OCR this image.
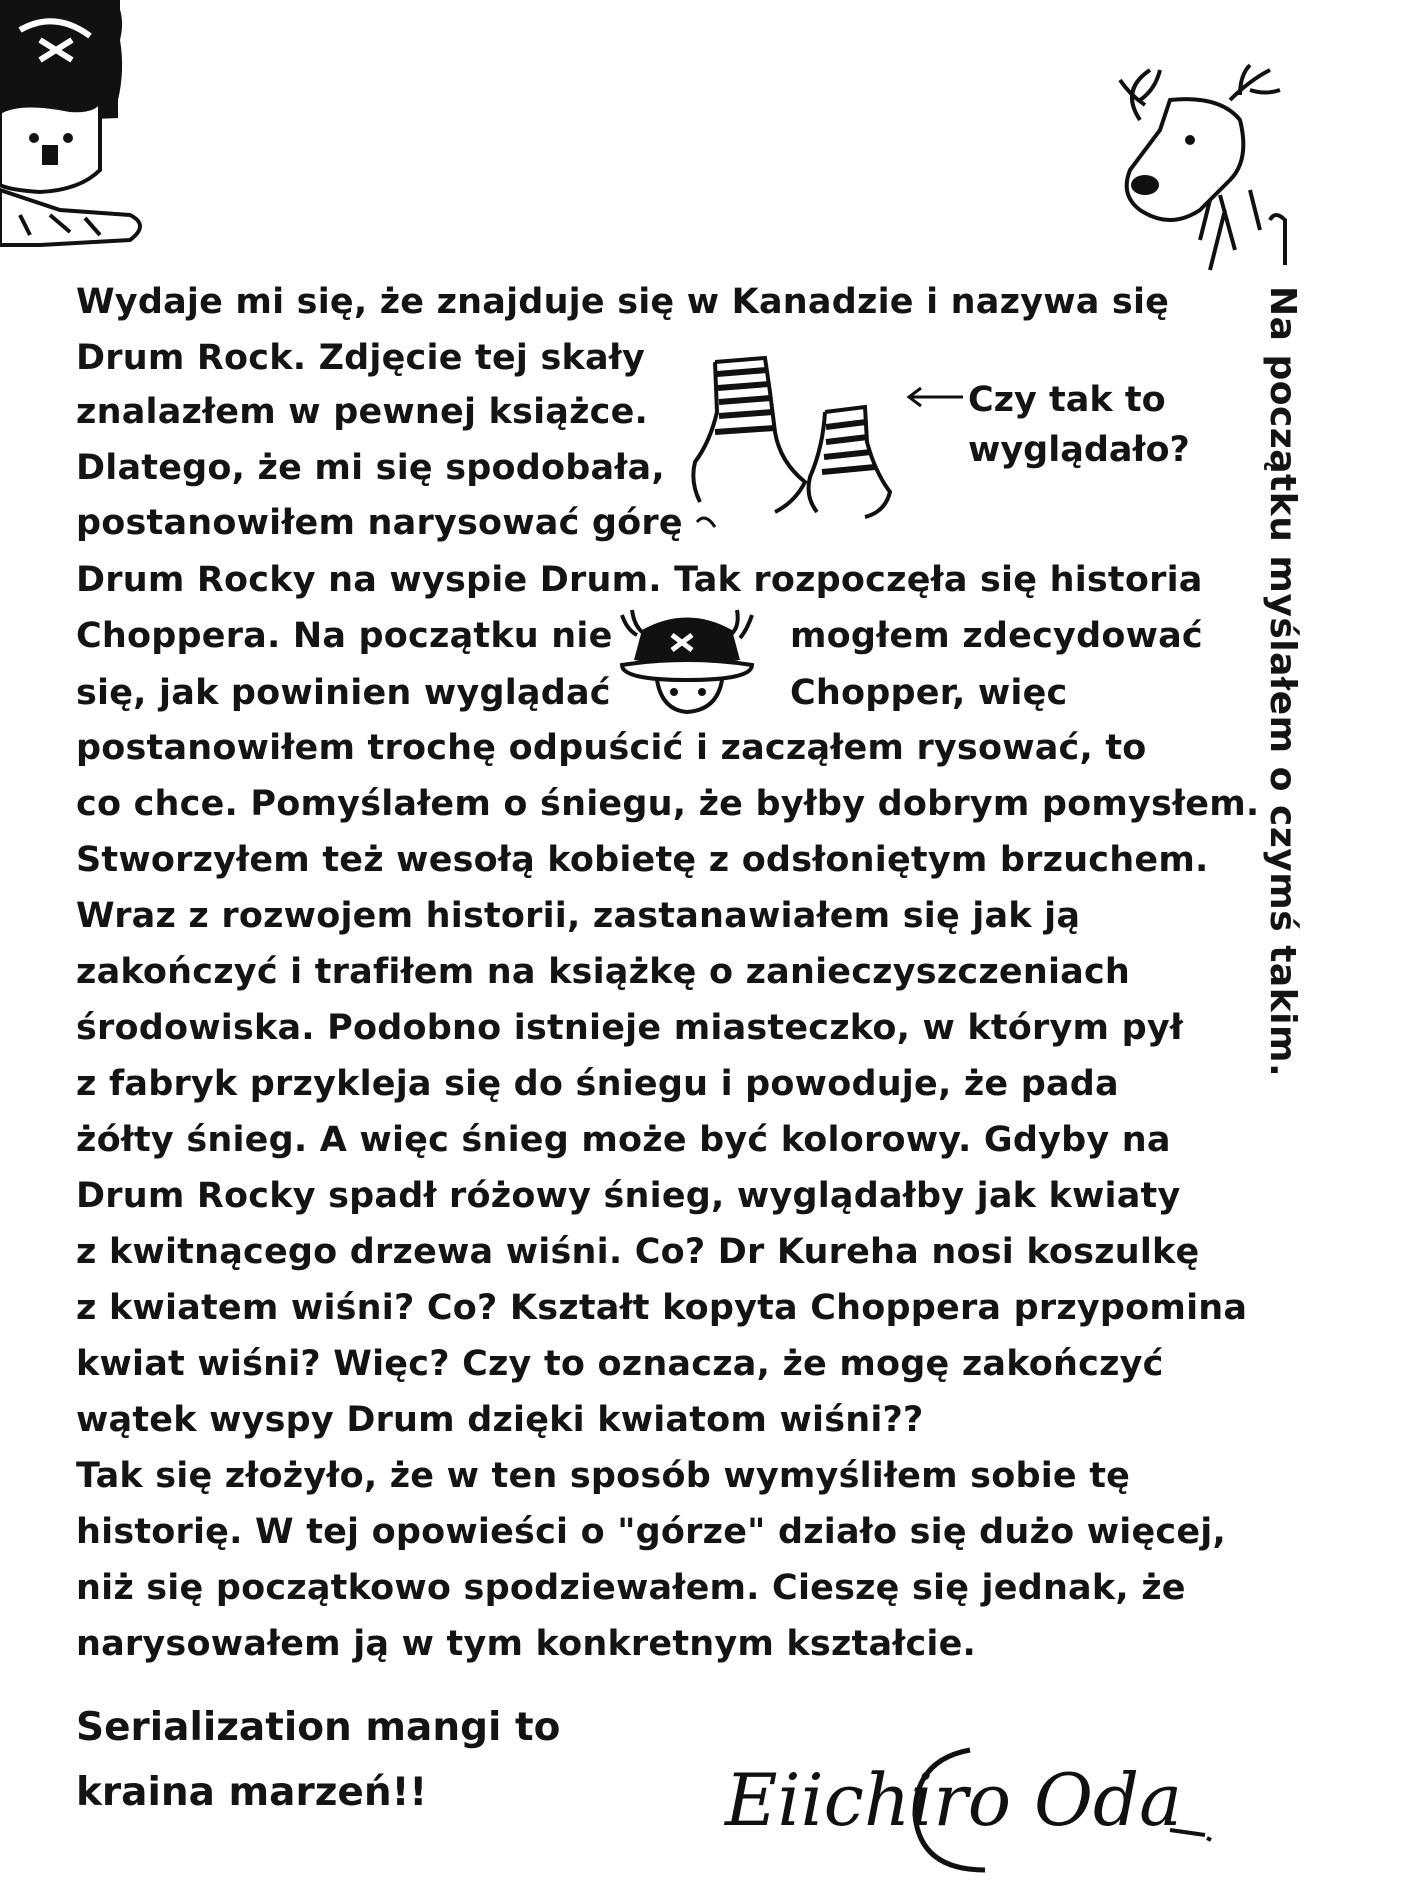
Na początku myślałem o czymś takim.
Czy tak to
wyglądało?
Wydaje mi się, że znajduje się w Kanadzie i nazywa się
Drum Rock. Zdjęcie tej skały
znalazłem w pewnej książce.
Dlatego, że mi się spodobała,
postanowiłem narysować górę
Drum Rocky na wyspie Drum. Tak rozpoczęła się historia
Choppera. Na początku nie	mogłem zdecydować
się, jak powinien wyglądać	Chopper, więc
postanowiłem trochę odpuścić i zacząłem rysować, to
co chce. Pomyślałem o śniegu, że byłby dobrym pomysłem.
Stworzyłem też wesołą kobietę z odsłoniętym brzuchem.
Wraz z rozwojem historii, zastanawiałem się jak ją
zakończyć i trafiłem na książkę o zanieczyszczeniach
środowiska. Podobno istnieje miasteczko, w którym pył
z fabryk przykleja się do śniegu i powoduje, że pada
żółty śnieg. A więc śnieg może być kolorowy. Gdyby na
Drum Rocky spadł różowy śnieg, wyglądałby jak kwiaty
z kwitnącego drzewa wiśni. Co? Dr Kureha nosi koszulkę
z kwiatem wiśni? Co? Kształt kopyta Choppera przypomina
kwiat wiśni? Więc? Czy to oznacza, że mogę zakończyć
wątek wyspy Drum dzięki kwiatom wiśni??
Tak się złożyło, że w ten sposób wymyśliłem sobie tę
historię. W tej opowieści o "górze" działo się dużo więcej,
niż się początkowo spodziewałem. Cieszę się jednak, że
narysowałem ją w tym konkretnym kształcie.
Serialization mangi to
kraina marzeń!!	Eiichiro Oda
